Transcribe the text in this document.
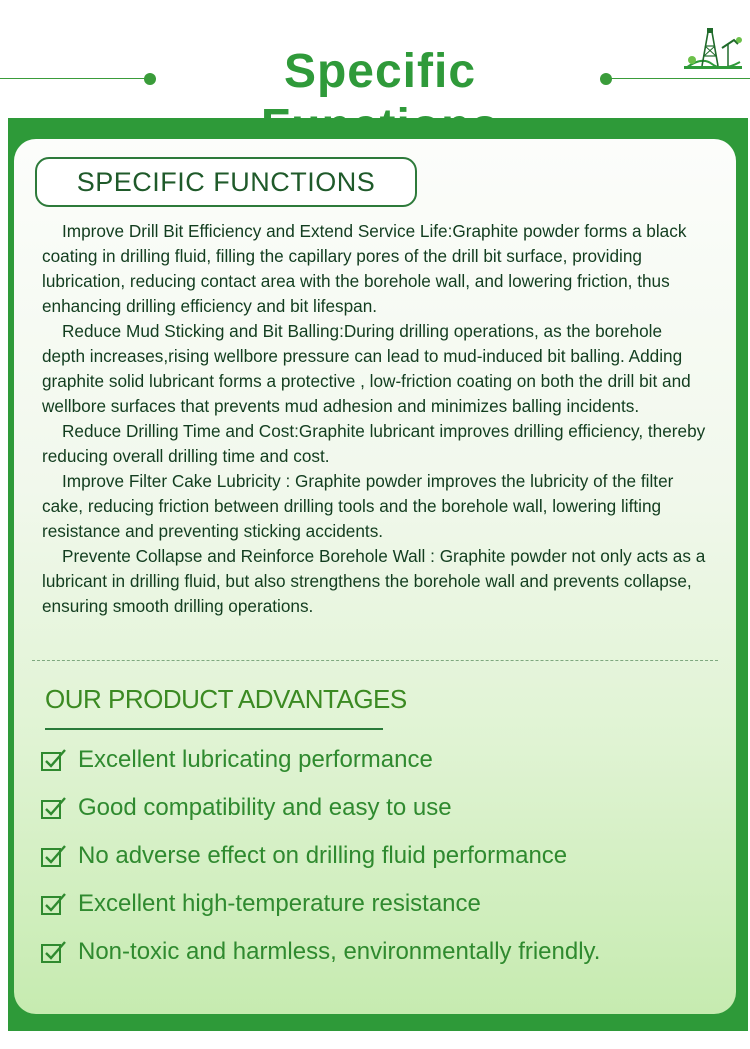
Specific
SPECIFIC FUNCTIONS

Improve Drill Bit Efficiency and Extend Service Life:Graphite powder forms a black coating in drilling fluid, filling the capillary pores of the drill bit surface, providing lubrication, reducing contact area with the borehole wall, and lowering friction, thus enhancing drilling efficiency and bit lifespan.

Reduce Mud Sticking and Bit Balling:During drilling operations, as the borehole depth increases,rising wellbore pressure can lead to mud-induced bit balling. Adding graphite solid lubricant forms a protective , low-friction coating on both the drill bit and wellbore surfaces that prevents mud adhesion and minimizes balling incidents.

Reduce Drilling Time and Cost:Graphite lubricant improves drilling efficiency, thereby reducing overall drilling time and cost.

Improve Filter Cake Lubricity : Graphite powder improves the lubricity of the filter cake, reducing friction between drilling tools and the borehole wall, lowering lifting resistance and preventing sticking accidents.

Prevente Collapse and Reinforce Borehole Wall : Graphite powder not only acts as a lubricant in drilling fluid, but also strengthens the borehole wall and prevents collapse, ensuring smooth drilling operations.

OUR PRODUCT ADVANTAGES
Excellent lubricating performance
Good compatibility and easy to use
No adverse effect on drilling fluid performance
Excellent high-temperature resistance
Non-toxic and harmless, environmentally friendly.
